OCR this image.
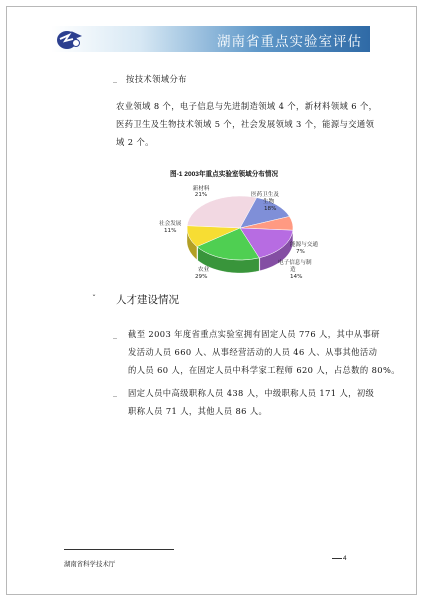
湖南省重点实验室评估
_ 按技术领域分布
农业领域 8 个，电子信息与先进制造领域 4 个，新材料领域 6 个，
医药卫生及生物技术领域 5 个，社会发展领域 3 个，能源与交通领
域 2 个。
图-1 2003年重点实验室领域分布情况
新材料
21%	医药卫生及
生物
18%
社会发展
11%
能源与交通
7%
电子信息与制
造
14%
农业
29%
ˇ 人才建设情况
_ 截至 2003 年度省重点实验室拥有固定人员 776 人，其中从事研
发活动人员 660 人、从事经营活动的人员 46 人、从事其他活动
的人员 60 人，在固定人员中科学家工程师 620 人，占总数的 80%。
_ 固定人员中高级职称人员 438 人，中级职称人员 171 人，初级
职称人员 71 人，其他人员 86 人。
湖南省科学技术厅
4
